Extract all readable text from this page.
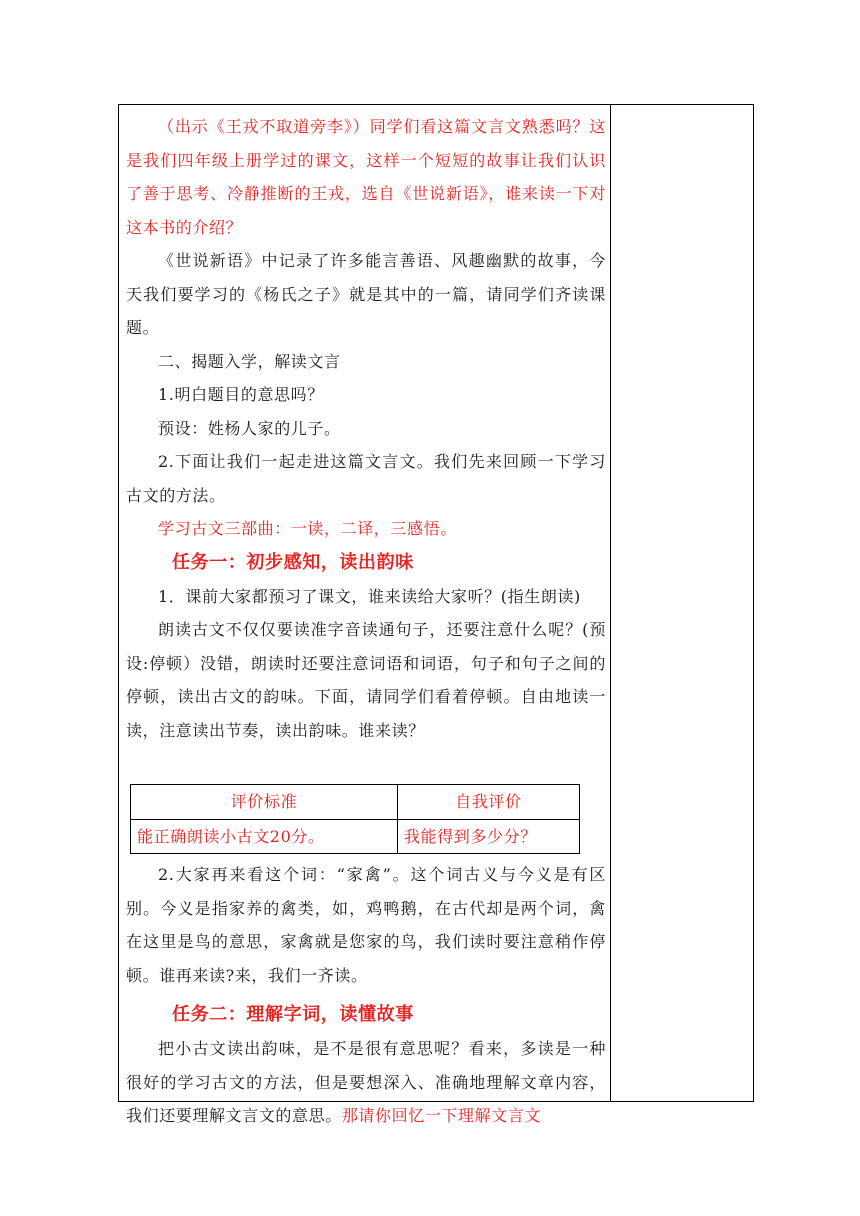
（出示《王戎不取道旁李》）同学们看这篇文言文熟悉吗？这是我们四年级上册学过的课文，这样一个短短的故事让我们认识了善于思考、冷静推断的王戎，选自《世说新语》，谁来读一下对这本书的介绍？

《世说新语》中记录了许多能言善语、风趣幽默的故事，今天我们要学习的《杨氏之子》就是其中的一篇，请同学们齐读课题。

二、揭题入学，解读文言

1.明白题目的意思吗？

预设：姓杨人家的儿子。

2.下面让我们一起走进这篇文言文。我们先来回顾一下学习古文的方法。

学习古文三部曲：一读，二译，三感悟。

任务一：初步感知，读出韵味

1．课前大家都预习了课文，谁来读给大家听？(指生朗读)

朗读古文不仅仅要读准字音读通句子，还要注意什么呢？(预设:停顿）没错，朗读时还要注意词语和词语，句子和句子之间的停顿，读出古文的韵味。下面，请同学们看着停顿。自由地读一读，注意读出节奏，读出韵味。谁来读？

评价标准	自我评价
能正确朗读小古文20分。	我能得到多少分？

2.大家再来看这个词：“家禽”。这个词古义与今义是有区别。今义是指家养的禽类，如，鸡鸭鹅，在古代却是两个词，禽在这里是鸟的意思，家禽就是您家的鸟，我们读时要注意稍作停顿。谁再来读?来，我们一齐读。

任务二：理解字词，读懂故事

把小古文读出韵味，是不是很有意思呢？看来，多读是一种很好的学习古文的方法，但是要想深入、准确地理解文章内容，我们还要理解文言文的意思。那请你回忆一下理解文言文
